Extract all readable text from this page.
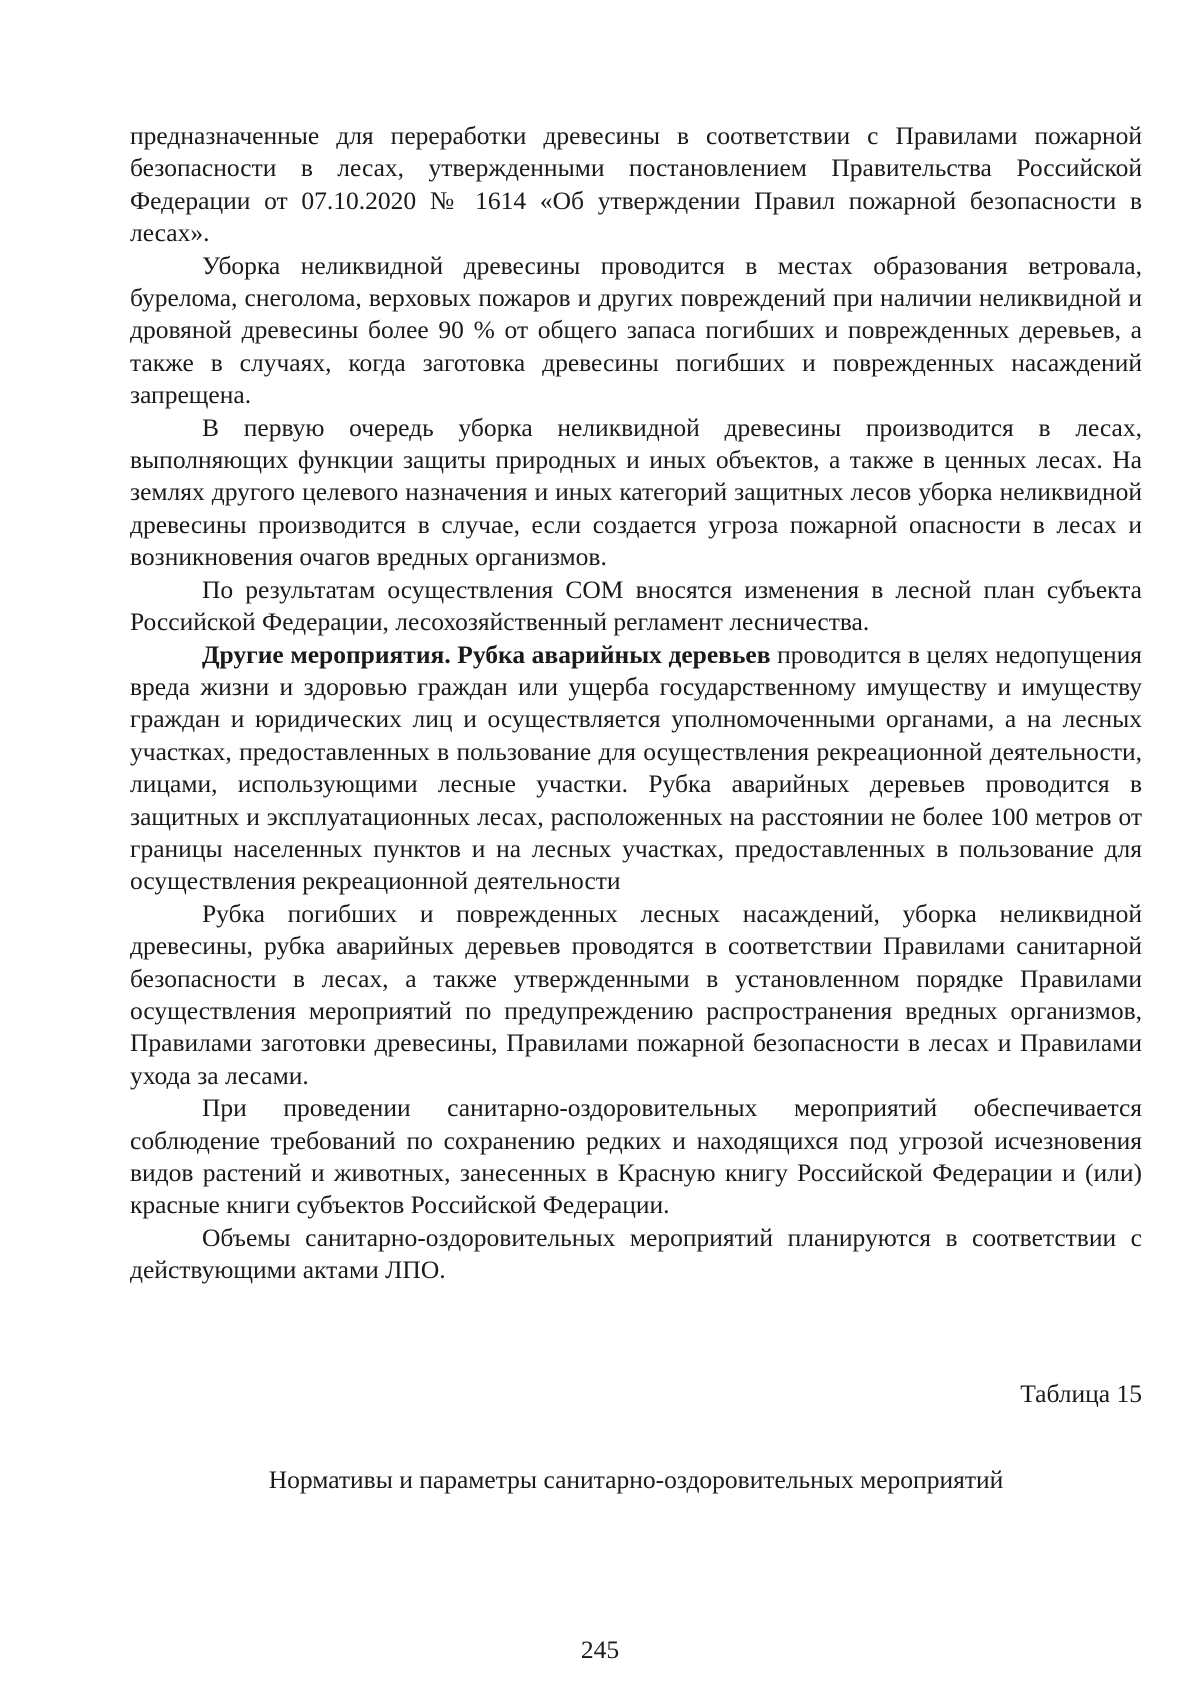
предназначенные для переработки древесины в соответствии с Правилами пожарной безопасности в лесах, утвержденными постановлением Правительства Российской Федерации от 07.10.2020 № 1614 «Об утверждении Правил пожарной безопасности в лесах».

Уборка неликвидной древесины проводится в местах образования ветровала, бурелома, снеголома, верховых пожаров и других повреждений при наличии неликвидной и дровяной древесины более 90 % от общего запаса погибших и поврежденных деревьев, а также в случаях, когда заготовка древесины погибших и поврежденных насаждений запрещена.

В первую очередь уборка неликвидной древесины производится в лесах, выполняющих функции защиты природных и иных объектов, а также в ценных лесах. На землях другого целевого назначения и иных категорий защитных лесов уборка неликвидной древесины производится в случае, если создается угроза пожарной опасности в лесах и возникновения очагов вредных организмов.

По результатам осуществления СОМ вносятся изменения в лесной план субъекта Российской Федерации, лесохозяйственный регламент лесничества.

Другие мероприятия. Рубка аварийных деревьев проводится в целях недопущения вреда жизни и здоровью граждан или ущерба государственному имуществу и имуществу граждан и юридических лиц и осуществляется уполномоченными органами, а на лесных участках, предоставленных в пользование для осуществления рекреационной деятельности, лицами, использующими лесные участки. Рубка аварийных деревьев проводится в защитных и эксплуатационных лесах, расположенных на расстоянии не более 100 метров от границы населенных пунктов и на лесных участках, предоставленных в пользование для осуществления рекреационной деятельности

Рубка погибших и поврежденных лесных насаждений, уборка неликвидной древесины, рубка аварийных деревьев проводятся в соответствии Правилами санитарной безопасности в лесах, а также утвержденными в установленном порядке Правилами осуществления мероприятий по предупреждению распространения вредных организмов, Правилами заготовки древесины, Правилами пожарной безопасности в лесах и Правилами ухода за лесами.

При проведении санитарно-оздоровительных мероприятий обеспечивается соблюдение требований по сохранению редких и находящихся под угрозой исчезновения видов растений и животных, занесенных в Красную книгу Российской Федерации и (или) красные книги субъектов Российской Федерации.

Объемы санитарно-оздоровительных мероприятий планируются в соответствии с действующими актами ЛПО.

Таблица 15

Нормативы и параметры санитарно-оздоровительных мероприятий

245
